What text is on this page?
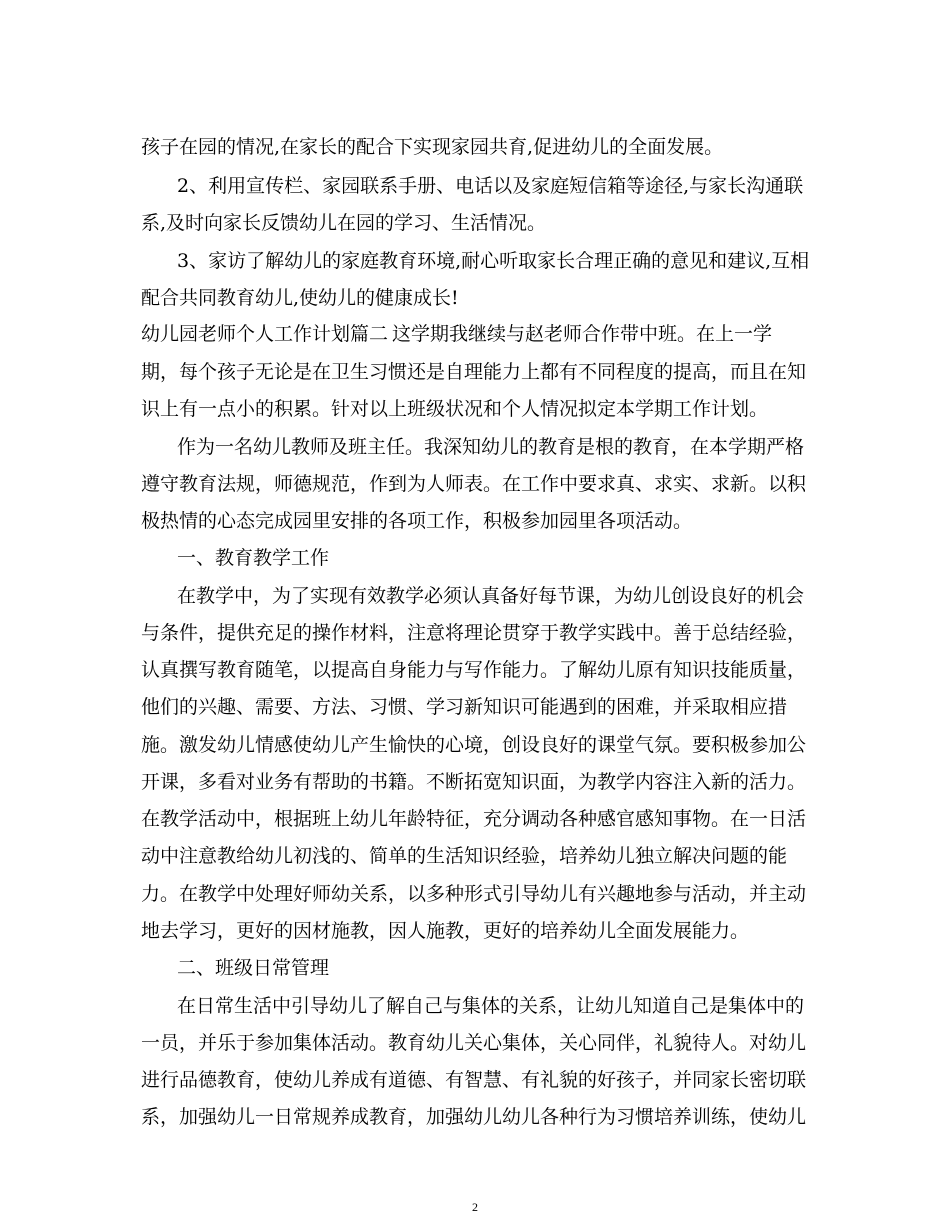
孩子在园的情况,在家长的配合下实现家园共育,促进幼儿的全面发展。
2、利用宣传栏、家园联系手册、电话以及家庭短信箱等途径,与家长沟通联
系,及时向家长反馈幼儿在园的学习、生活情况。
3、家访了解幼儿的家庭教育环境,耐心听取家长合理正确的意见和建议,互相
配合共同教育幼儿,使幼儿的健康成长!
幼儿园老师个人工作计划篇二 这学期我继续与赵老师合作带中班。在上一学
期，每个孩子无论是在卫生习惯还是自理能力上都有不同程度的提高，而且在知
识上有一点小的积累。针对以上班级状况和个人情况拟定本学期工作计划。
作为一名幼儿教师及班主任。我深知幼儿的教育是根的教育，在本学期严格
遵守教育法规，师德规范，作到为人师表。在工作中要求真、求实、求新。以积
极热情的心态完成园里安排的各项工作，积极参加园里各项活动。
一、教育教学工作
在教学中，为了实现有效教学必须认真备好每节课，为幼儿创设良好的机会
与条件，提供充足的操作材料，注意将理论贯穿于教学实践中。善于总结经验，
认真撰写教育随笔，以提高自身能力与写作能力。了解幼儿原有知识技能质量，
他们的兴趣、需要、方法、习惯、学习新知识可能遇到的困难，并采取相应措
施。激发幼儿情感使幼儿产生愉快的心境，创设良好的课堂气氛。要积极参加公
开课，多看对业务有帮助的书籍。不断拓宽知识面，为教学内容注入新的活力。
在教学活动中，根据班上幼儿年龄特征，充分调动各种感官感知事物。在一日活
动中注意教给幼儿初浅的、简单的生活知识经验，培养幼儿独立解决问题的能
力。在教学中处理好师幼关系，以多种形式引导幼儿有兴趣地参与活动，并主动
地去学习，更好的因材施教，因人施教，更好的培养幼儿全面发展能力。
二、班级日常管理
在日常生活中引导幼儿了解自己与集体的关系，让幼儿知道自己是集体中的
一员，并乐于参加集体活动。教育幼儿关心集体，关心同伴，礼貌待人。对幼儿
进行品德教育，使幼儿养成有道德、有智慧、有礼貌的好孩子，并同家长密切联
系，加强幼儿一日常规养成教育，加强幼儿幼儿各种行为习惯培养训练，使幼儿
2
